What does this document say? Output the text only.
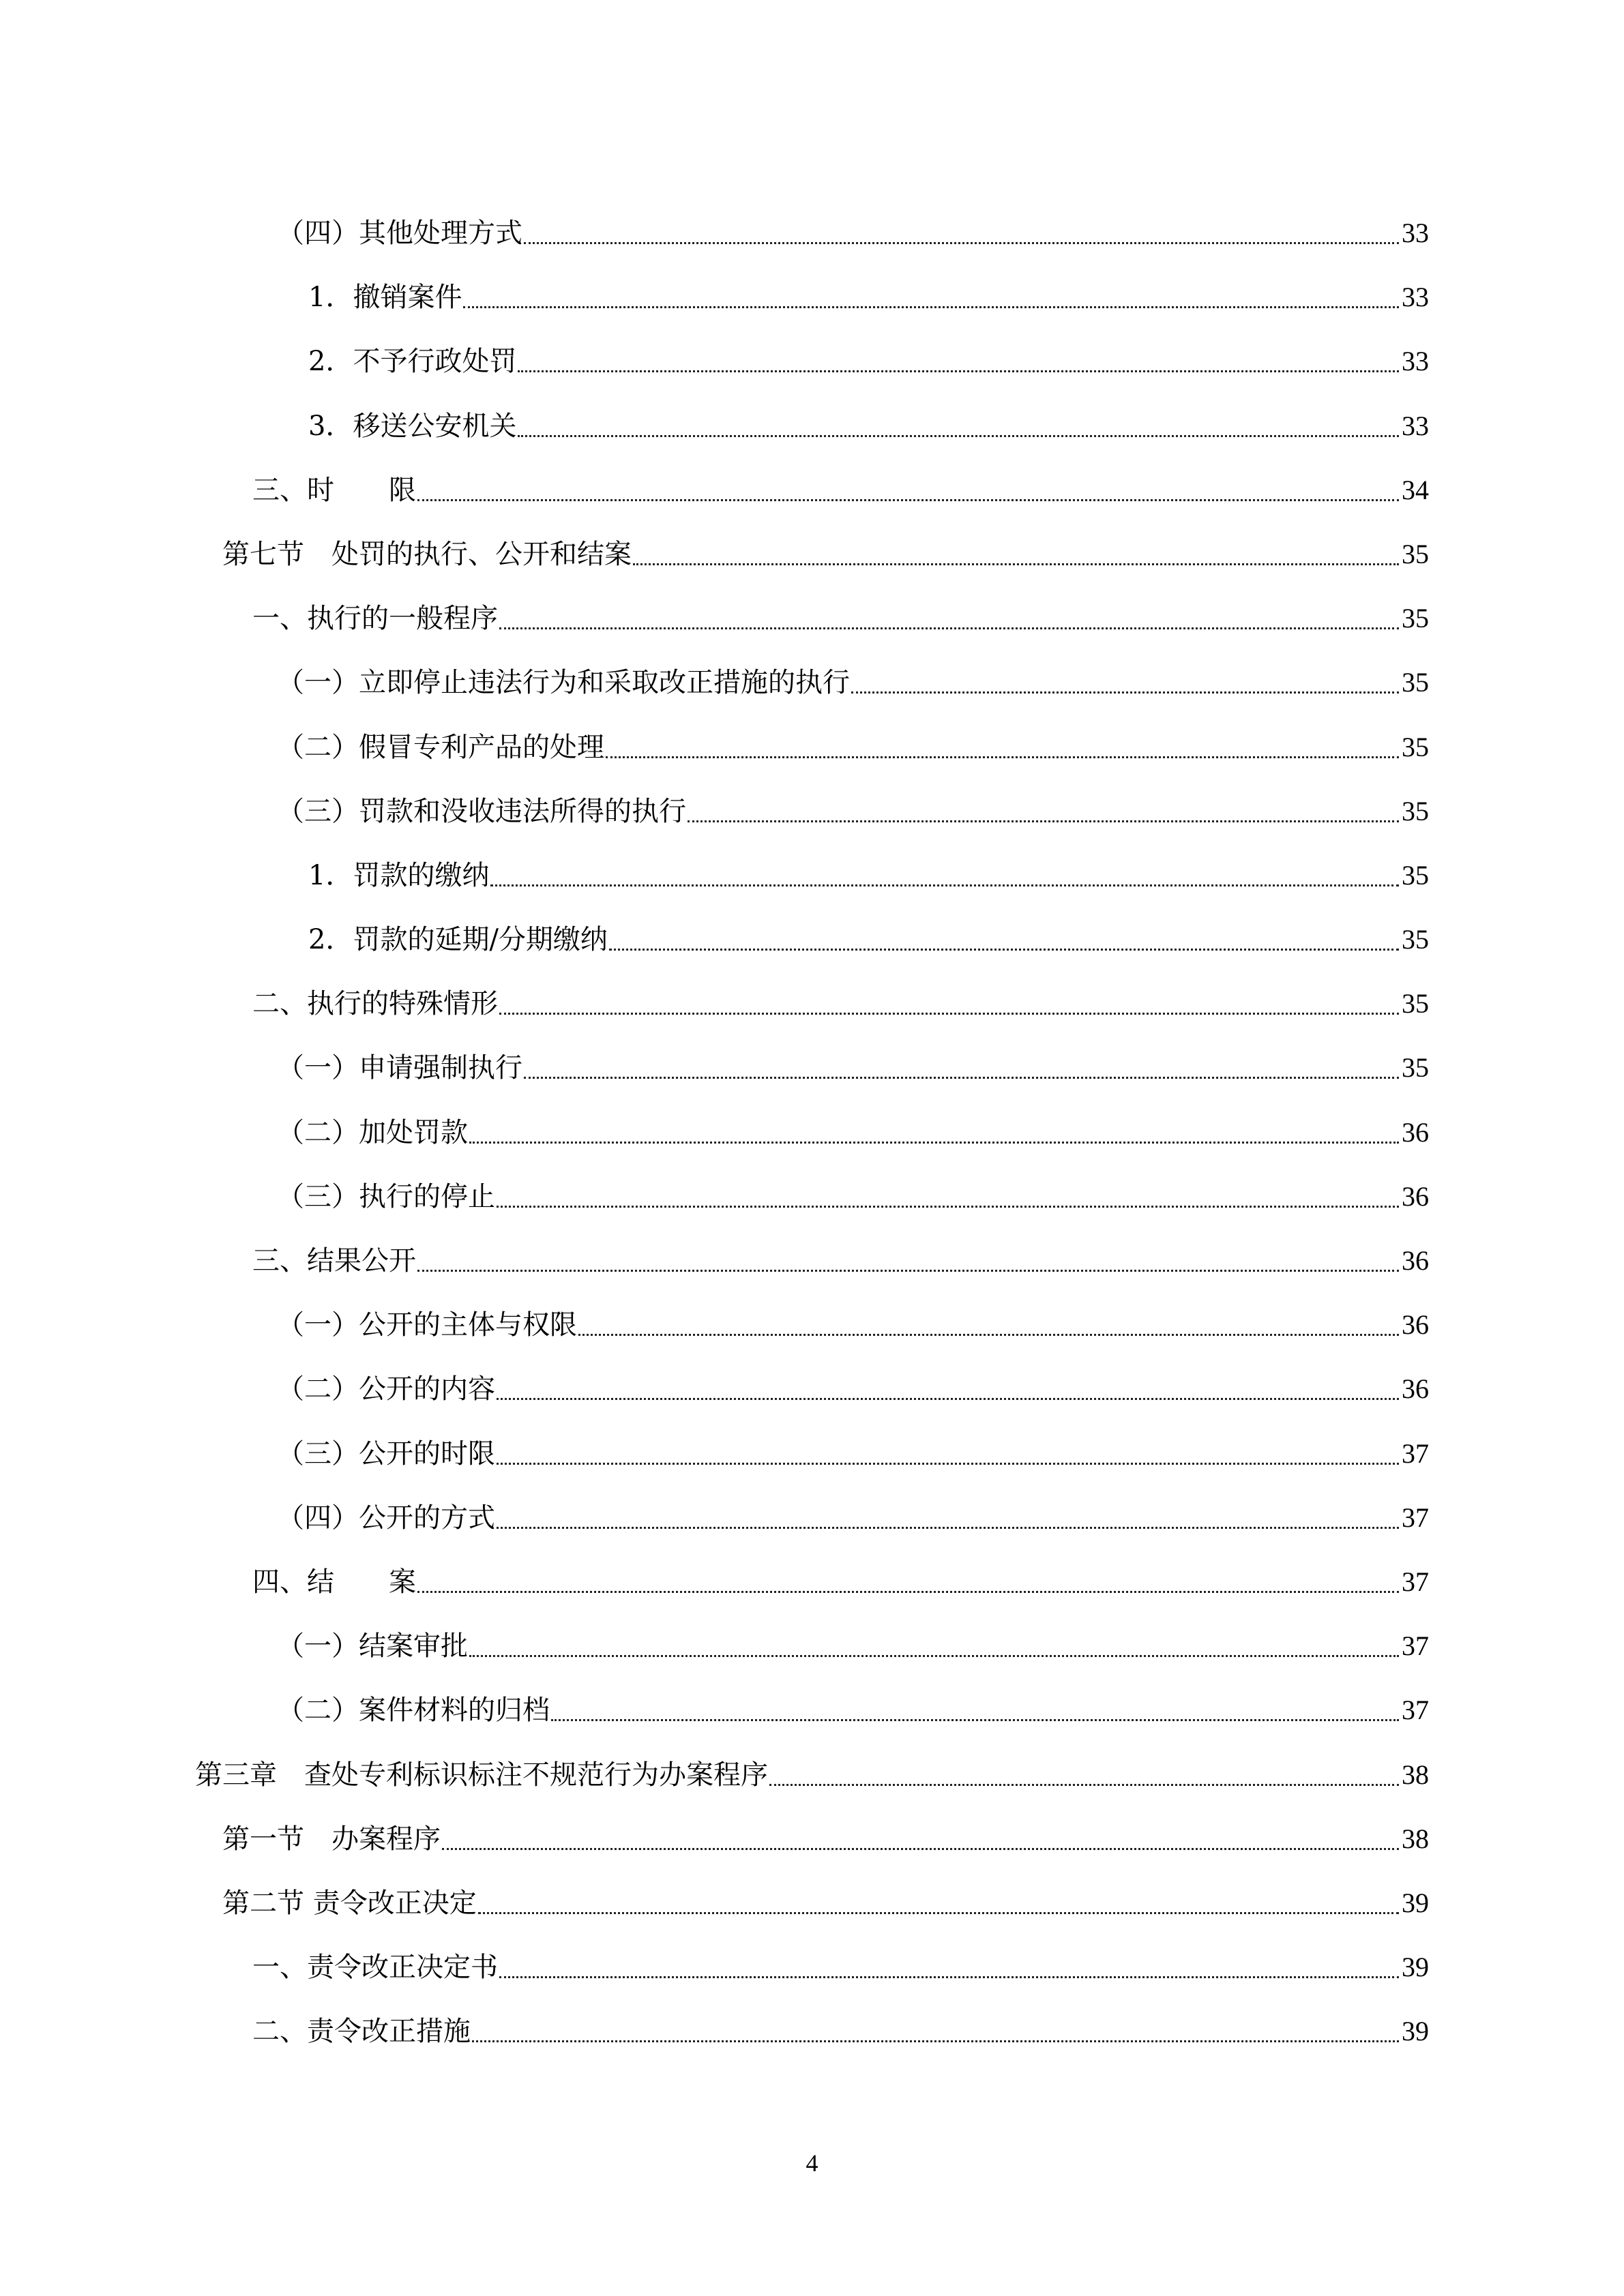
（四）其他处理方式	33
1．撤销案件	33
2．不予行政处罚	33
3．移送公安机关	33
三、时　　限	34
第七节　处罚的执行、公开和结案	35
一、执行的一般程序	35
（一）立即停止违法行为和采取改正措施的执行	35
（二）假冒专利产品的处理	35
（三）罚款和没收违法所得的执行	35
1．罚款的缴纳	35
2．罚款的延期/分期缴纳	35
二、执行的特殊情形	35
（一）申请强制执行	35
（二）加处罚款	36
（三）执行的停止	36
三、结果公开	36
（一）公开的主体与权限	36
（二）公开的内容	36
（三）公开的时限	37
（四）公开的方式	37
四、结　　案	37
（一）结案审批	37
（二）案件材料的归档	37
第三章　查处专利标识标注不规范行为办案程序	38
第一节　办案程序	38
第二节 责令改正决定	39
一、责令改正决定书	39
二、责令改正措施	39
4
